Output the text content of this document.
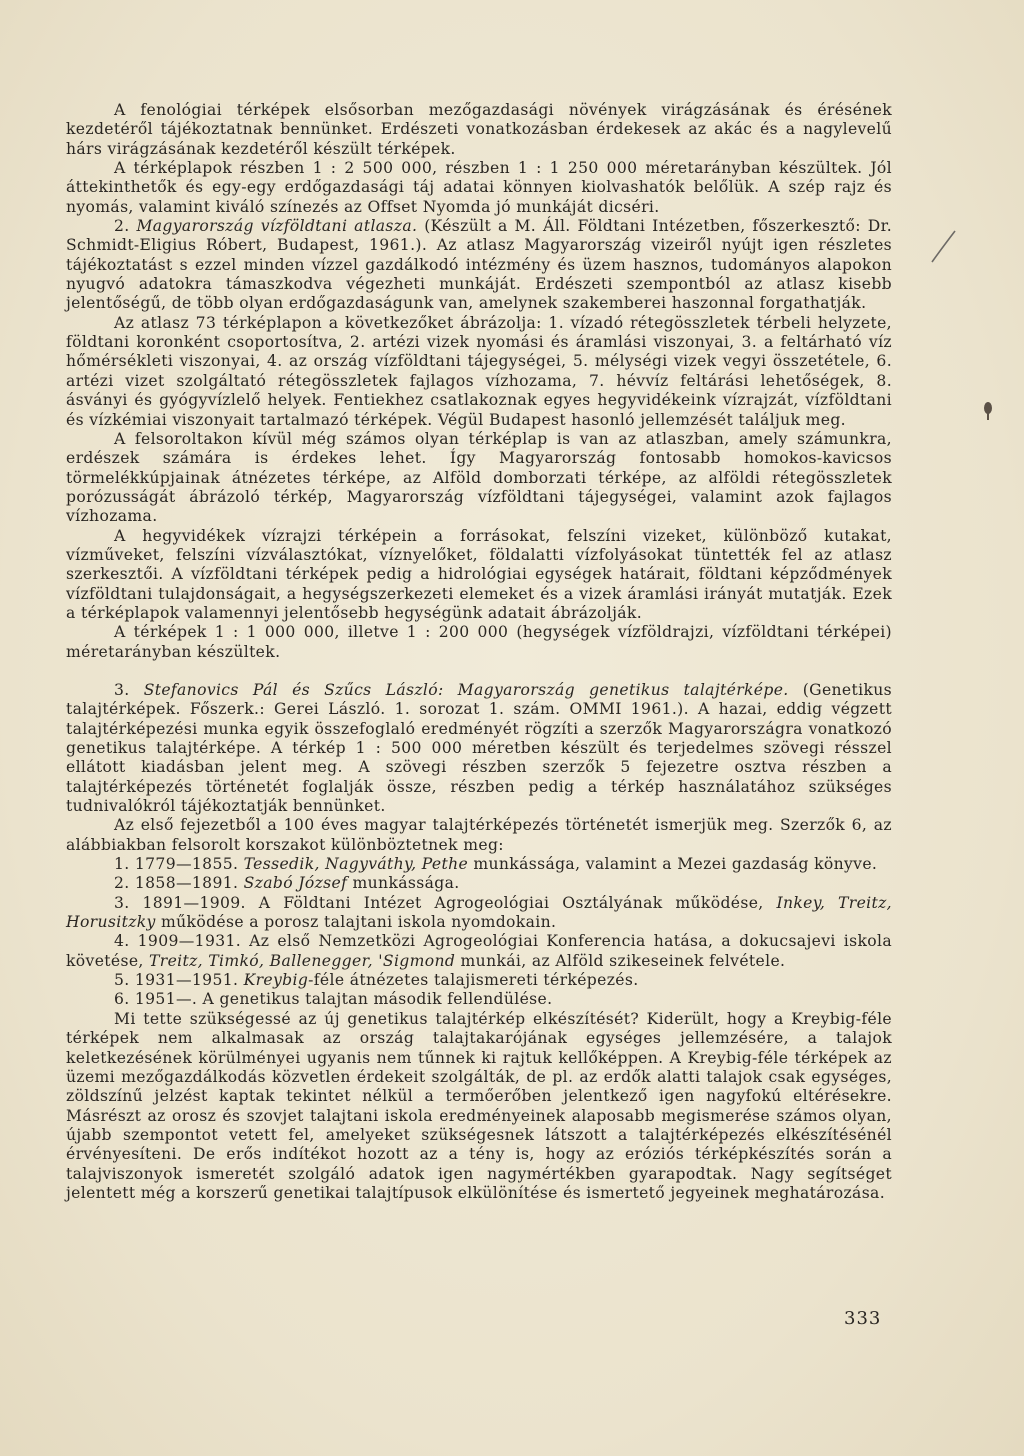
A fenológiai térképek elsősorban mezőgazdasági növények virágzásának és érésének kezdetéről tájékoztatnak bennünket. Erdészeti vonatkozásban érdekesek az akác és a nagylevelű hárs virágzásának kezdetéről készült térképek.

A térképlapok részben 1 : 2 500 000, részben 1 : 1 250 000 méretarányban készültek. Jól áttekinthetők és egy-egy erdőgazdasági táj adatai könnyen kiolvashatók belőlük. A szép rajz és nyomás, valamint kiváló színezés az Offset Nyomda jó munkáját dicséri.

2. Magyarország vízföldtani atlasza. (Készült a M. Áll. Földtani Intézetben, főszerkesztő: Dr. Schmidt-Eligius Róbert, Budapest, 1961.). Az atlasz Magyarország vizeiről nyújt igen részletes tájékoztatást s ezzel minden vízzel gazdálkodó intézmény és üzem hasznos, tudományos alapokon nyugvó adatokra támaszkodva végezheti munkáját. Erdészeti szempontból az atlasz kisebb jelentőségű, de több olyan erdőgazdaságunk van, amelynek szakemberei haszonnal forgathatják.

Az atlasz 73 térképlapon a következőket ábrázolja: 1. vízadó rétegösszletek térbeli helyzete, földtani koronként csoportosítva, 2. artézi vizek nyomási és áramlási viszonyai, 3. a feltárható víz hőmérsékleti viszonyai, 4. az ország vízföldtani tájegységei, 5. mélységi vizek vegyi összetétele, 6. artézi vizet szolgáltató rétegösszletek fajlagos vízhozama, 7. hévvíz feltárási lehetőségek, 8. ásványi és gyógyvízlelő helyek. Fentiekhez csatlakoznak egyes hegyvidékeink vízrajzát, vízföldtani és vízkémiai viszonyait tartalmazó térképek. Végül Budapest hasonló jellemzését találjuk meg.

A felsoroltakon kívül még számos olyan térképlap is van az atlaszban, amely számunkra, erdészek számára is érdekes lehet. Így Magyarország fontosabb homokos-kavicsos törmelékkúpjainak átnézetes térképe, az Alföld domborzati térképe, az alföldi rétegösszletek porózusságát ábrázoló térkép, Magyarország vízföldtani tájegységei, valamint azok fajlagos vízhozama.

A hegyvidékek vízrajzi térképein a forrásokat, felszíni vizeket, különböző kutakat, vízműveket, felszíni vízválasztókat, víznyelőket, földalatti vízfolyásokat tüntették fel az atlasz szerkesztői. A vízföldtani térképek pedig a hidrológiai egységek határait, földtani képződmények vízföldtani tulajdonságait, a hegységszerkezeti elemeket és a vizek áramlási irányát mutatják. Ezek a térképlapok valamennyi jelentősebb hegységünk adatait ábrázolják.

A térképek 1 : 1 000 000, illetve 1 : 200 000 (hegységek vízföldrajzi, vízföldtani térképei) méretarányban készültek.

3. Stefanovics Pál és Szűcs László: Magyarország genetikus talajtérképe. (Genetikus talajtérképek. Főszerk.: Gerei László. 1. sorozat 1. szám. OMMI 1961.). A hazai, eddig végzett talajtérképezési munka egyik összefoglaló eredményét rögzíti a szerzők Magyarországra vonatkozó genetikus talajtérképe. A térkép 1 : 500 000 méretben készült és terjedelmes szövegi résszel ellátott kiadásban jelent meg. A szövegi részben szerzők 5 fejezetre osztva részben a talajtérképezés történetét foglalják össze, részben pedig a térkép használatához szükséges tudnivalókról tájékoztatják bennünket.

Az első fejezetből a 100 éves magyar talajtérképezés történetét ismerjük meg. Szerzők 6, az alábbiakban felsorolt korszakot különböztetnek meg:

1. 1779—1855. Tessedik, Nagyváthy, Pethe munkássága, valamint a Mezei gazdaság könyve.

2. 1858—1891. Szabó József munkássága.

3. 1891—1909. A Földtani Intézet Agrogeológiai Osztályának működése, Inkey, Treitz, Horusitzky működése a porosz talajtani iskola nyomdokain.

4. 1909—1931. Az első Nemzetközi Agrogeológiai Konferencia hatása, a dokucsajevi iskola követése, Treitz, Timkó, Ballenegger, 'Sigmond munkái, az Alföld szikeseinek felvétele.

5. 1931—1951. Kreybig-féle átnézetes talajismereti térképezés.

6. 1951—. A genetikus talajtan második fellendülése.

Mi tette szükségessé az új genetikus talajtérkép elkészítését? Kiderült, hogy a Kreybig-féle térképek nem alkalmasak az ország talajtakarójának egységes jellemzésére, a talajok keletkezésének körülményei ugyanis nem tűnnek ki rajtuk kellőképpen. A Kreybig-féle térképek az üzemi mezőgazdálkodás közvetlen érdekeit szolgálták, de pl. az erdők alatti talajok csak egységes, zöldszínű jelzést kaptak tekintet nélkül a termőerőben jelentkező igen nagyfokú eltérésekre. Másrészt az orosz és szovjet talajtani iskola eredményeinek alaposabb megismerése számos olyan, újabb szempontot vetett fel, amelyeket szükségesnek látszott a talajtérképezés elkészítésénél érvényesíteni. De erős indítékot hozott az a tény is, hogy az eróziós térképkészítés során a talajviszonyok ismeretét szolgáló adatok igen nagymértékben gyarapodtak. Nagy segítséget jelentett még a korszerű genetikai talajtípusok elkülönítése és ismertető jegyeinek meghatározása.

333
